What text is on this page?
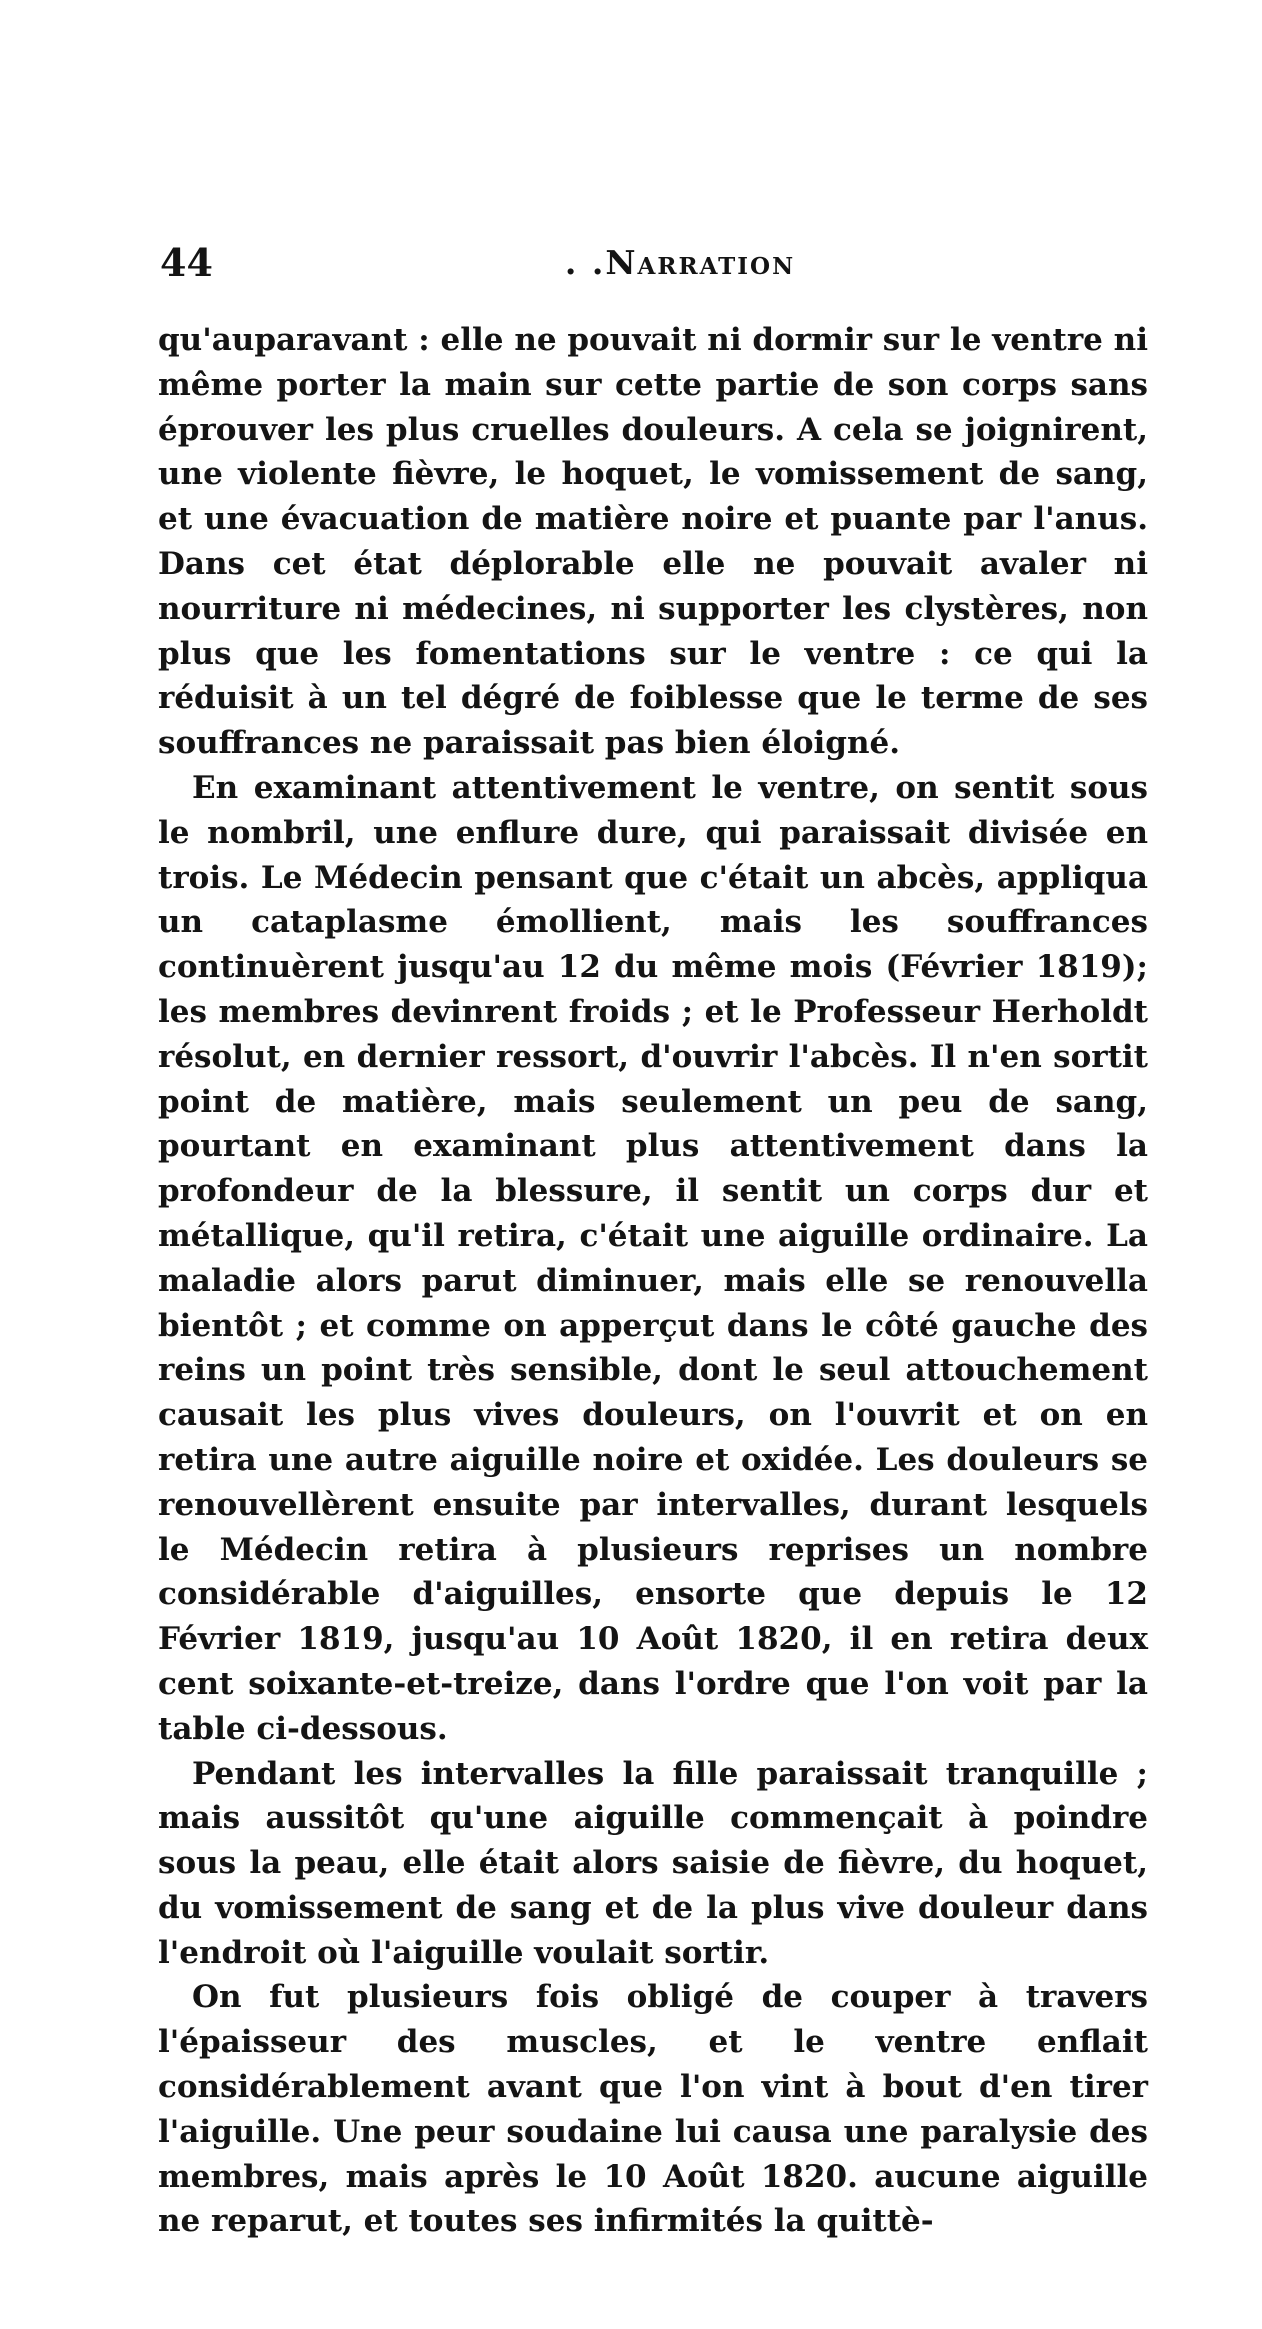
44	. .Narration

qu'auparavant : elle ne pouvait ni dormir sur le ventre ni même porter la main sur cette partie de son corps sans éprouver les plus cruelles douleurs. A cela se joignirent, une violente fièvre, le hoquet, le vomissement de sang, et une évacuation de matière noire et puante par l'anus. Dans cet état déplorable elle ne pouvait avaler ni nourriture ni médecines, ni supporter les clystères, non plus que les fomentations sur le ventre : ce qui la réduisit à un tel dégré de foiblesse que le terme de ses souffrances ne paraissait pas bien éloigné.

En examinant attentivement le ventre, on sentit sous le nombril, une enflure dure, qui paraissait divisée en trois. Le Médecin pensant que c'était un abcès, appliqua un cataplasme émollient, mais les souffrances continuèrent jusqu'au 12 du même mois (Février 1819); les membres devinrent froids ; et le Professeur Herholdt résolut, en dernier ressort, d'ouvrir l'abcès. Il n'en sortit point de matière, mais seulement un peu de sang, pourtant en examinant plus attentivement dans la profondeur de la blessure, il sentit un corps dur et métallique, qu'il retira, c'était une aiguille ordinaire. La maladie alors parut diminuer, mais elle se renouvella bientôt ; et comme on apperçut dans le côté gauche des reins un point très sensible, dont le seul attouchement causait les plus vives douleurs, on l'ouvrit et on en retira une autre aiguille noire et oxidée. Les douleurs se renouvellèrent ensuite par intervalles, durant lesquels le Médecin retira à plusieurs reprises un nombre considérable d'aiguilles, ensorte que depuis le 12 Février 1819, jusqu'au 10 Août 1820, il en retira deux cent soixante-et-treize, dans l'ordre que l'on voit par la table ci-dessous.

Pendant les intervalles la fille paraissait tranquille ; mais aussitôt qu'une aiguille commençait à poindre sous la peau, elle était alors saisie de fièvre, du hoquet, du vomissement de sang et de la plus vive douleur dans l'endroit où l'aiguille voulait sortir.

On fut plusieurs fois obligé de couper à travers l'épaisseur des muscles, et le ventre enflait considérablement avant que l'on vint à bout d'en tirer l'aiguille. Une peur soudaine lui causa une paralysie des membres, mais après le 10 Août 1820. aucune aiguille ne reparut, et toutes ses infirmités la quittè-
